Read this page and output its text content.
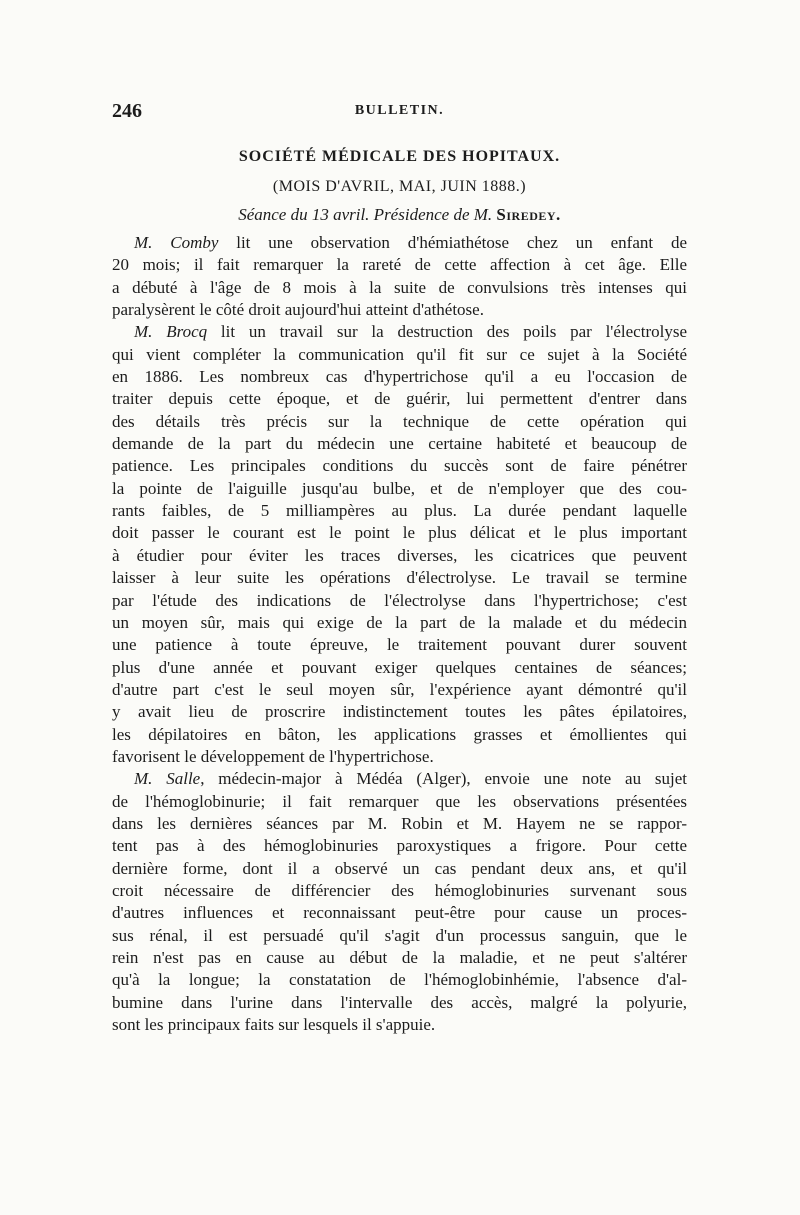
246	BULLETIN.
SOCIÉTÉ MÉDICALE DES HOPITAUX.
(MOIS D'AVRIL, MAI, JUIN 1888.)
Séance du 13 avril. Présidence de M. Siredey.
M. Comby lit une observation d'hémiathétose chez un enfant de
20 mois; il fait remarquer la rareté de cette affection à cet âge. Elle
a débuté à l'âge de 8 mois à la suite de convulsions très intenses qui
paralysèrent le côté droit aujourd'hui atteint d'athétose.
M. Brocq lit un travail sur la destruction des poils par l'électrolyse
qui vient compléter la communication qu'il fit sur ce sujet à la Société
en 1886. Les nombreux cas d'hypertrichose qu'il a eu l'occasion de
traiter depuis cette époque, et de guérir, lui permettent d'entrer dans
des détails très précis sur la technique de cette opération qui
demande de la part du médecin une certaine habiteté et beaucoup de
patience. Les principales conditions du succès sont de faire pénétrer
la pointe de l'aiguille jusqu'au bulbe, et de n'employer que des cou-
rants faibles, de 5 milliampères au plus. La durée pendant laquelle
doit passer le courant est le point le plus délicat et le plus important
à étudier pour éviter les traces diverses, les cicatrices que peuvent
laisser à leur suite les opérations d'électrolyse. Le travail se termine
par l'étude des indications de l'électrolyse dans l'hypertrichose; c'est
un moyen sûr, mais qui exige de la part de la malade et du médecin
une patience à toute épreuve, le traitement pouvant durer souvent
plus d'une année et pouvant exiger quelques centaines de séances;
d'autre part c'est le seul moyen sûr, l'expérience ayant démontré qu'il
y avait lieu de proscrire indistinctement toutes les pâtes épilatoires,
les dépilatoires en bâton, les applications grasses et émollientes qui
favorisent le développement de l'hypertrichose.
M. Salle, médecin-major à Médéa (Alger), envoie une note au sujet
de l'hémoglobinurie; il fait remarquer que les observations présentées
dans les dernières séances par M. Robin et M. Hayem ne se rappor-
tent pas à des hémoglobinuries paroxystiques a frigore. Pour cette
dernière forme, dont il a observé un cas pendant deux ans, et qu'il
croit nécessaire de différencier des hémoglobinuries survenant sous
d'autres influences et reconnaissant peut-être pour cause un proces-
sus rénal, il est persuadé qu'il s'agit d'un processus sanguin, que le
rein n'est pas en cause au début de la maladie, et ne peut s'altérer
qu'à la longue; la constatation de l'hémoglobinhémie, l'absence d'al-
bumine dans l'urine dans l'intervalle des accès, malgré la polyurie,
sont les principaux faits sur lesquels il s'appuie.
